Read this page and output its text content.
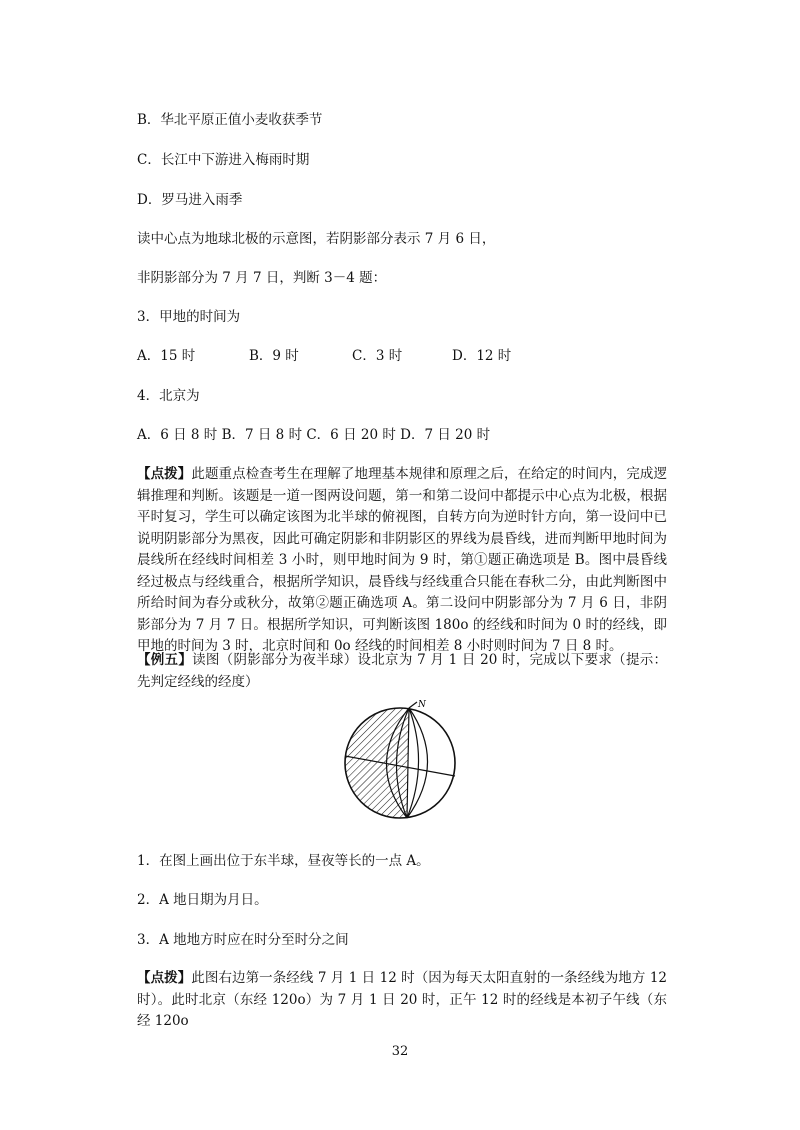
B．华北平原正值小麦收获季节
C．长江中下游进入梅雨时期
D．罗马进入雨季
读中心点为地球北极的示意图，若阴影部分表示 7 月 6 日，
非阴影部分为 7 月 7 日，判断 3－4 题：
3．甲地的时间为
A．15 时	B．9 时	C．3 时	D．12 时
4．北京为
A．6 日 8 时 B．7 日 8 时 C．6 日 20 时 D．7 日 20 时
【点拨】此题重点检查考生在理解了地理基本规律和原理之后，在给定的时间内，完成逻辑推理和判断。该题是一道一图两设问题，第一和第二设问中都提示中心点为北极，根据平时复习，学生可以确定该图为北半球的俯视图，自转方向为逆时针方向，第一设问中已说明阴影部分为黑夜，因此可确定阴影和非阴影区的界线为晨昏线，进而判断甲地时间为晨线所在经线时间相差 3 小时，则甲地时间为 9 时，第①题正确选项是 B。图中晨昏线经过极点与经线重合，根据所学知识，晨昏线与经线重合只能在春秋二分，由此判断图中所给时间为春分或秋分，故第②题正确选项 A。第二设问中阴影部分为 7 月 6 日，非阴影部分为 7 月 7 日。根据所学知识，可判断该图 180o 的经线和时间为 0 时的经线，即甲地的时间为 3 时，北京时间和 0o 经线的时间相差 8 小时则时间为 7 日 8 时。
【例五】读图（阴影部分为夜半球）设北京为 7 月 1 日 20 时，完成以下要求（提示：先判定经线的经度）
N
1．在图上画出位于东半球，昼夜等长的一点 A。
2．A 地日期为月日。
3．A 地地方时应在时分至时分之间
【点拨】此图右边第一条经线 7 月 1 日 12 时（因为每天太阳直射的一条经线为地方 12 时）。此时北京（东经 120o）为 7 月 1 日 20 时，正午 12 时的经线是本初子午线（东经 120o
32
